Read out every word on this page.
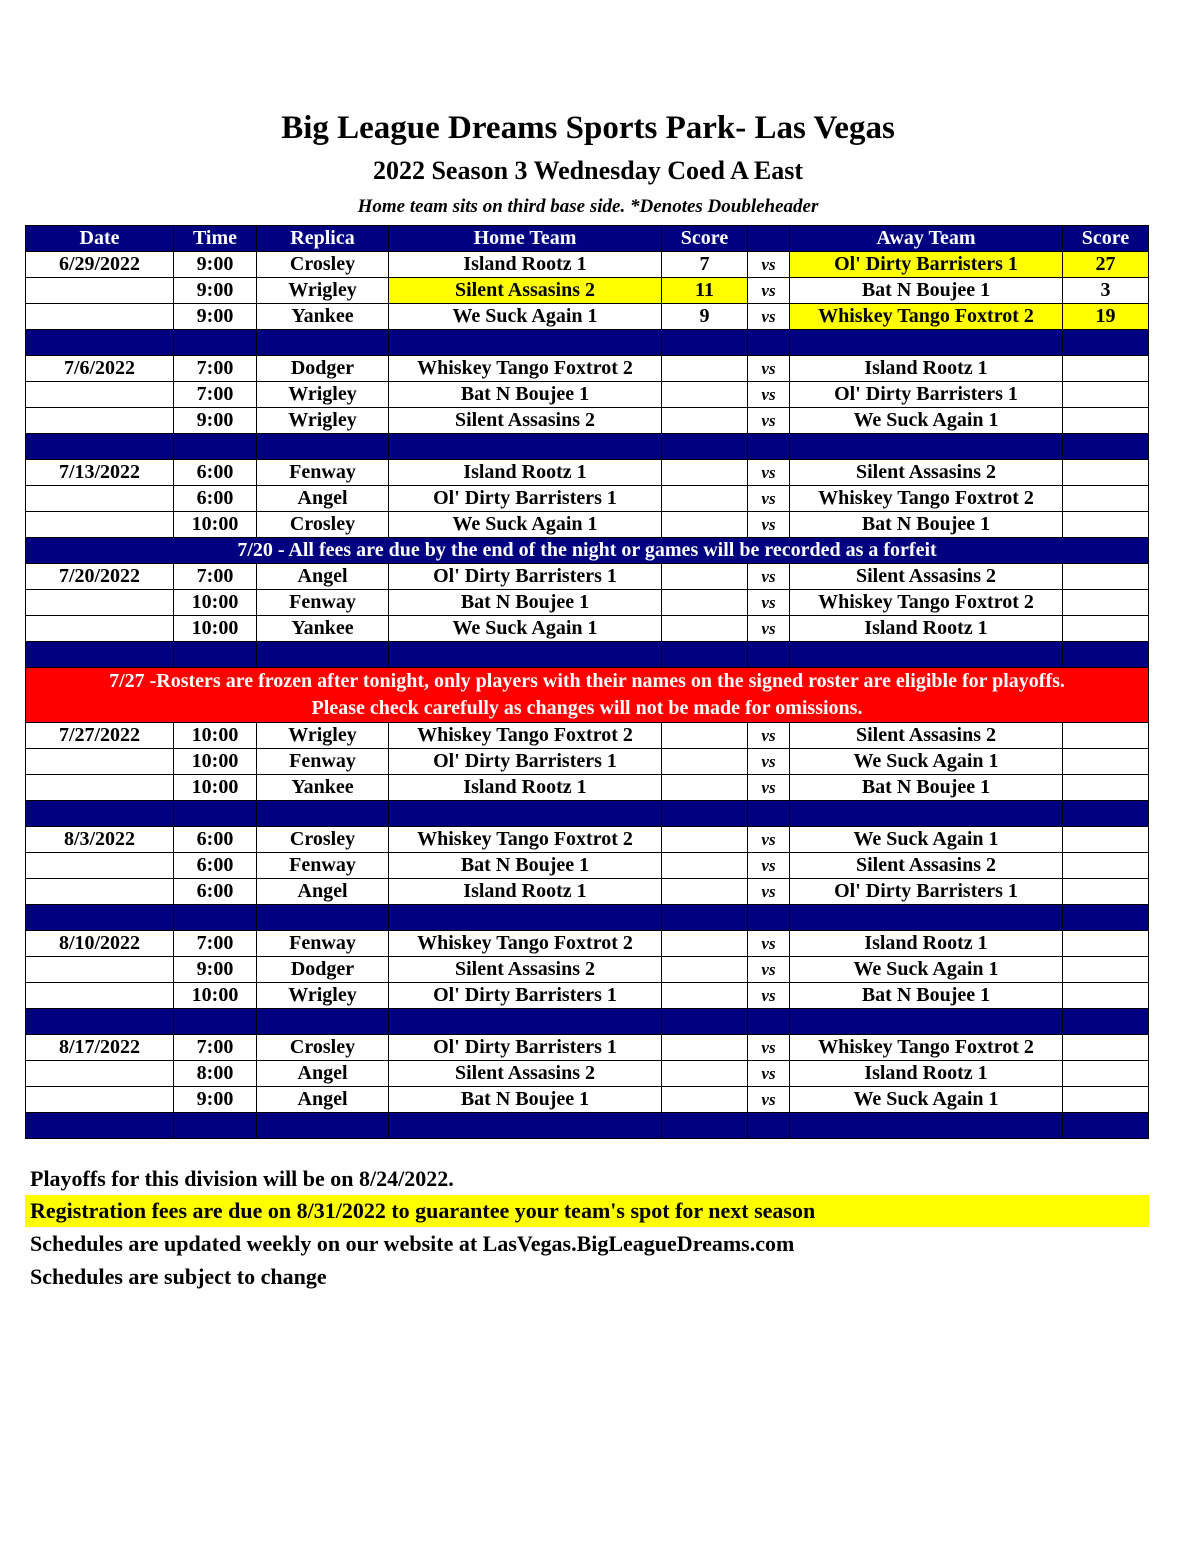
Big League Dreams Sports Park- Las Vegas
2022 Season 3 Wednesday Coed A East
Home team sits on third base side. *Denotes Doubleheader
Date	Time	Replica	Home Team	Score		Away Team	Score
6/29/2022	9:00	Crosley	Island Rootz 1	7	vs	Ol' Dirty Barristers 1	27
	9:00	Wrigley	Silent Assasins 2	11	vs	Bat N Boujee 1	3
	9:00	Yankee	We Suck Again 1	9	vs	Whiskey Tango Foxtrot 2	19

7/6/2022	7:00	Dodger	Whiskey Tango Foxtrot 2		vs	Island Rootz 1	
	7:00	Wrigley	Bat N Boujee 1		vs	Ol' Dirty Barristers 1	
	9:00	Wrigley	Silent Assasins 2		vs	We Suck Again 1	

7/13/2022	6:00	Fenway	Island Rootz 1		vs	Silent Assasins 2	
	6:00	Angel	Ol' Dirty Barristers 1		vs	Whiskey Tango Foxtrot 2	
	10:00	Crosley	We Suck Again 1		vs	Bat N Boujee 1	
7/20 - All fees are due by the end of the night or games will be recorded as a forfeit							
7/20/2022	7:00	Angel	Ol' Dirty Barristers 1		vs	Silent Assasins 2	
	10:00	Fenway	Bat N Boujee 1		vs	Whiskey Tango Foxtrot 2	
	10:00	Yankee	We Suck Again 1		vs	Island Rootz 1	

7/27 -Rosters are frozen after tonight, only players with their names on the signed roster are eligible for playoffs.
Please check carefully as changes will not be made for omissions.							

7/27/2022	10:00	Wrigley	Whiskey Tango Foxtrot 2		vs	Silent Assasins 2	
	10:00	Fenway	Ol' Dirty Barristers 1		vs	We Suck Again 1	
	10:00	Yankee	Island Rootz 1		vs	Bat N Boujee 1	

8/3/2022	6:00	Crosley	Whiskey Tango Foxtrot 2		vs	We Suck Again 1	
	6:00	Fenway	Bat N Boujee 1		vs	Silent Assasins 2	
	6:00	Angel	Island Rootz 1		vs	Ol' Dirty Barristers 1	

8/10/2022	7:00	Fenway	Whiskey Tango Foxtrot 2		vs	Island Rootz 1	
	9:00	Dodger	Silent Assasins 2		vs	We Suck Again 1	
	10:00	Wrigley	Ol' Dirty Barristers 1		vs	Bat N Boujee 1	

8/17/2022	7:00	Crosley	Ol' Dirty Barristers 1		vs	Whiskey Tango Foxtrot 2	
	8:00	Angel	Silent Assasins 2		vs	Island Rootz 1	
	9:00	Angel	Bat N Boujee 1		vs	We Suck Again 1	

Playoffs for this division will be on 8/24/2022.
Registration fees are due on 8/31/2022 to guarantee your team's spot for next season
Schedules are updated weekly on our website at LasVegas.BigLeagueDreams.com
Schedules are subject to change
